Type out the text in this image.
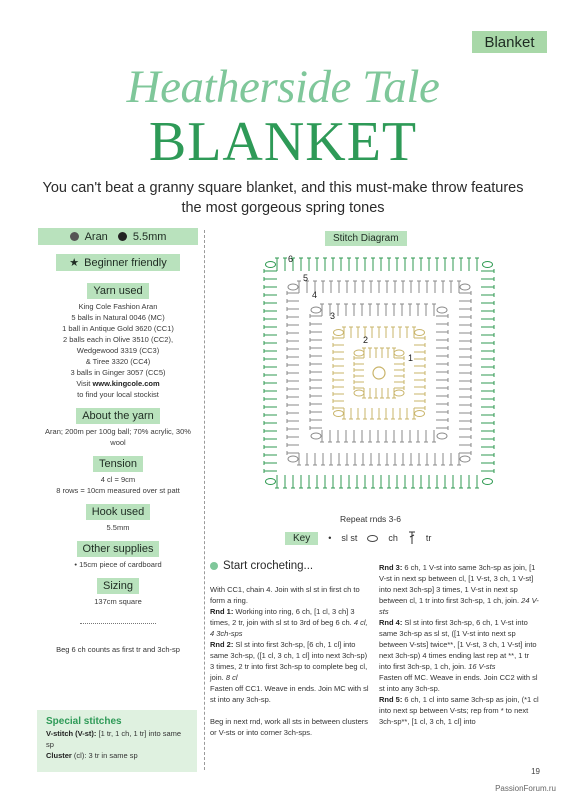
Blanket
Heatherside Tale
BLANKET
You can't beat a granny square blanket, and this must-make throw features the most gorgeous spring tones
Aran 5.5mm
★ Beginner friendly
Yarn used
King Cole Fashion Aran
5 balls in Natural 0046 (MC)
1 ball in Antique Gold 3620 (CC1)
2 balls each in Olive 3510 (CC2),
Wedgewood 3319 (CC3)
& Tiree 3320 (CC4)
3 balls in Ginger 3057 (CC5)
Visit www.kingcole.com
to find your local stockist
About the yarn
Aran; 200m per 100g ball; 70% acrylic, 30% wool
Tension
4 cl = 9cm
8 rows = 10cm measured over st patt
Hook used
5.5mm
Other supplies
• 15cm piece of cardboard
Sizing
137cm square
Beg 6 ch counts as first tr and 3ch-sp
Special stitches
V-stitch (V-st): [1 tr, 1 ch, 1 tr] into same sp
Cluster (cl): 3 tr in same sp
Stitch Diagram
6
5
4
3
2
1
Repeat rnds 3-6
Key	• sl st	ch	tr
Start crocheting...

With CC1, chain 4. Join with sl st in first ch to form a ring.

Rnd 1: Working into ring, 6 ch, [1 cl, 3 ch] 3 times, 2 tr, join with sl st to 3rd of beg 6 ch. 4 cl, 4 3ch-sps

Rnd 2: Sl st into first 3ch-sp, [6 ch, 1 cl] into same 3ch-sp, ([1 cl, 3 ch, 1 cl] into next 3ch-sp) 3 times, 2 tr into first 3ch-sp to complete beg cl, join. 8 cl

Fasten off CC1. Weave in ends. Join MC with sl st into any 3ch-sp.

Beg in next rnd, work all sts in between clusters or V-sts or into corner 3ch-sps.

Rnd 3: 6 ch, 1 V-st into same 3ch-sp as join, [1 V-st in next sp between cl, [1 V-st, 3 ch, 1 V-st] into next 3ch-sp] 3 times, 1 V-st in next sp between cl, 1 tr into first 3ch-sp, 1 ch, join. 24 V-sts

Rnd 4: Sl st into first 3ch-sp, 6 ch, 1 V-st into same 3ch-sp as sl st, ([1 V-st into next sp between V-sts] twice**, [1 V-st, 3 ch, 1 V-st] into next 3ch-sp) 4 times ending last rep at **, 1 tr into first 3ch-sp, 1 ch, join. 16 V-sts

Fasten off MC. Weave in ends. Join CC2 with sl st into any 3ch-sp.

Rnd 5: 6 ch, 1 cl into same 3ch-sp as join, (*1 cl into next sp between V-sts; rep from * to next 3ch-sp**, [1 cl, 3 ch, 1 cl] into

19
PassionForum.ru
